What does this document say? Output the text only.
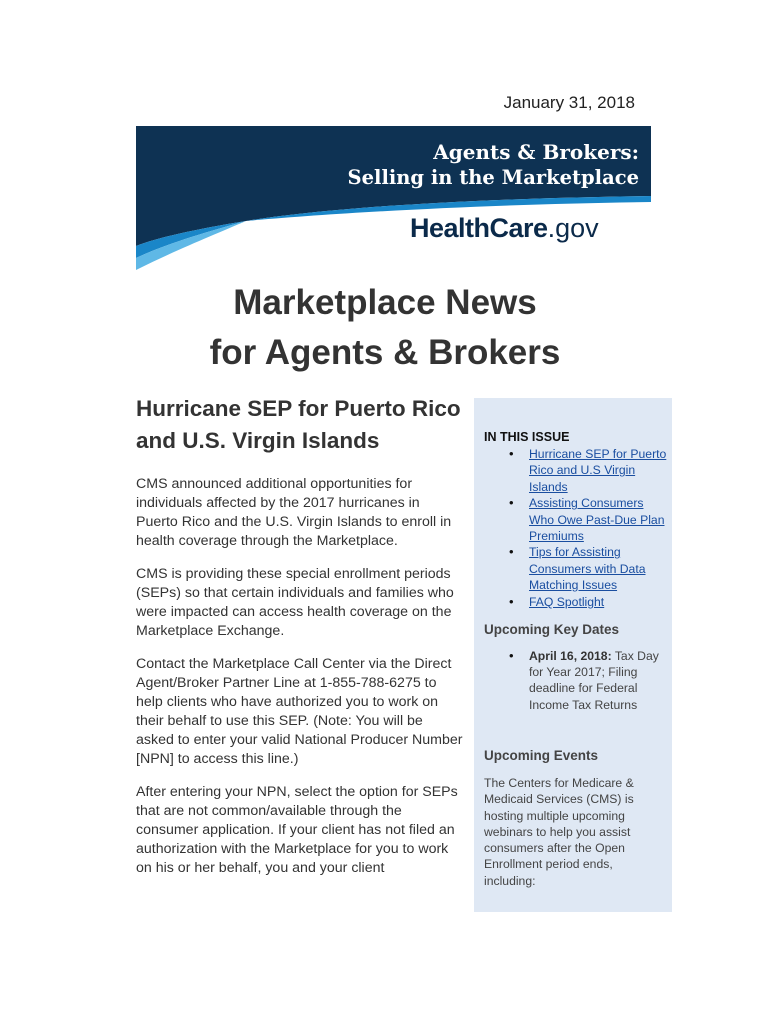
January 31, 2018
Agents & Brokers:
Selling in the Marketplace
HealthCare.gov
Marketplace News
for Agents & Brokers
Hurricane SEP for Puerto Rico and U.S. Virgin Islands

CMS announced additional opportunities for individuals affected by the 2017 hurricanes in Puerto Rico and the U.S. Virgin Islands to enroll in health coverage through the Marketplace.

CMS is providing these special enrollment periods (SEPs) so that certain individuals and families who were impacted can access health coverage on the Marketplace Exchange.

Contact the Marketplace Call Center via the Direct Agent/Broker Partner Line at 1-855-788-6275 to help clients who have authorized you to work on their behalf to use this SEP. (Note: You will be asked to enter your valid National Producer Number [NPN] to access this line.)

After entering your NPN, select the option for SEPs that are not common/available through the consumer application. If your client has not filed an authorization with the Marketplace for you to work on his or her behalf, you and your client

IN THIS ISSUE
• Hurricane SEP for Puerto Rico and U.S Virgin Islands
• Assisting Consumers Who Owe Past-Due Plan Premiums
• Tips for Assisting Consumers with Data Matching Issues
• FAQ Spotlight
Upcoming Key Dates
• April 16, 2018: Tax Day for Year 2017; Filing deadline for Federal Income Tax Returns
Upcoming Events

The Centers for Medicare & Medicaid Services (CMS) is hosting multiple upcoming webinars to help you assist consumers after the Open Enrollment period ends, including:
